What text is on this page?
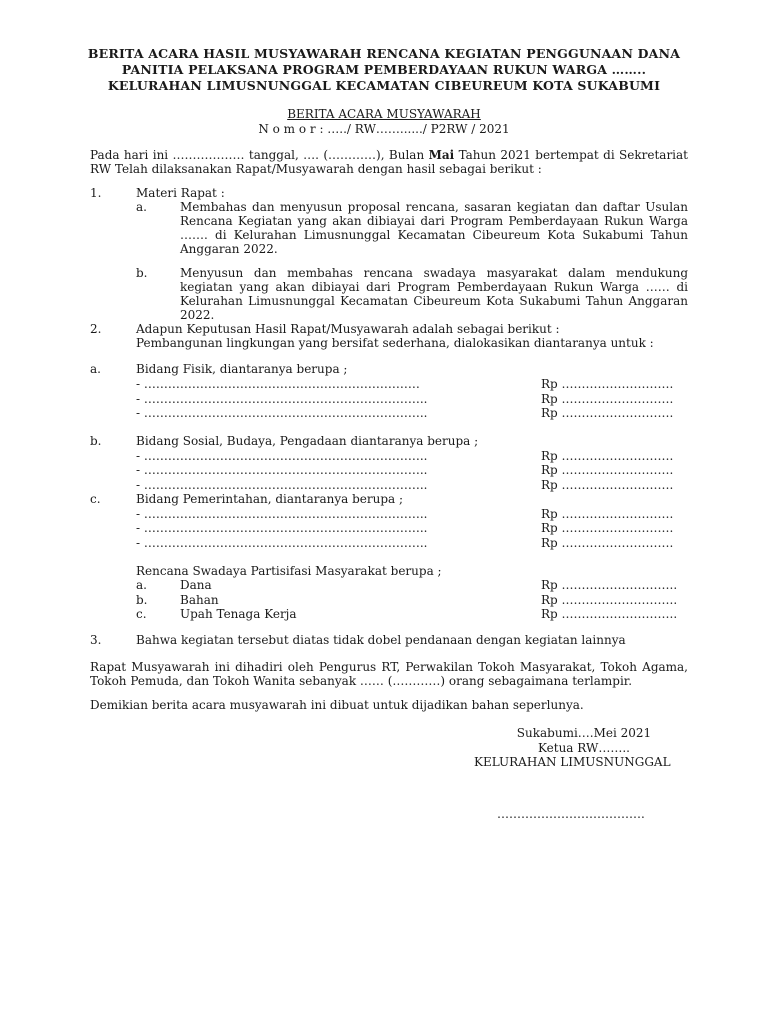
BERITA ACARA HASIL MUSYAWARAH RENCANA KEGIATAN PENGGUNAAN DANA
PANITIA PELAKSANA PROGRAM PEMBERDAYAAN RUKUN WARGA ……..
KELURAHAN LIMUSNUNGGAL KECAMATAN CIBEUREUM KOTA SUKABUMI
BERITA ACARA MUSYAWARAH
N o m o r : …../ RW……....../ P2RW / 2021
Pada hari ini ……………… tanggal, …. (…………), Bulan Mai Tahun 2021 bertempat di Sekretariat RW Telah dilaksanakan Rapat/Musyawarah dengan hasil sebagai berikut :
1.	Materi Rapat :
a.	Membahas dan menyusun proposal rencana, sasaran kegiatan dan daftar Usulan Rencana Kegiatan yang akan dibiayai dari Program Pemberdayaan Rukun Warga ……. di Kelurahan Limusnunggal Kecamatan Cibeureum Kota Sukabumi Tahun Anggaran 2022.
b.	Menyusun dan membahas rencana swadaya masyarakat dalam mendukung kegiatan yang akan dibiayai dari Program Pemberdayaan Rukun Warga …… di Kelurahan Limusnunggal Kecamatan Cibeureum Kota Sukabumi Tahun Anggaran 2022.
2.	Adapun Keputusan Hasil Rapat/Musyawarah adalah sebagai berikut :
Pembangunan lingkungan yang bersifat sederhana, dialokasikan diantaranya untuk :
a.	Bidang Fisik, diantaranya berupa ;
- ……………………………………………………………	Rp ……………………….
- ……………………………………………………………..	Rp ……………………….
- ……………………………………………………………..	Rp ……………………….
b.	Bidang Sosial, Budaya, Pengadaan diantaranya berupa ;
- ……………………………………………………………..	Rp ……………………….
- ……………………………………………………………..	Rp ……………………….
- ……………………………………………………………..	Rp ……………………….
c.	Bidang Pemerintahan, diantaranya berupa ;
- ……………………………………………………………..	Rp ……………………….
- ……………………………………………………………..	Rp ……………………….
- ……………………………………………………………..	Rp ……………………….
Rencana Swadaya Partisifasi Masyarakat berupa ;
a.	Dana	Rp ………………………..
b.	Bahan	Rp ………………………..
c.	Upah Tenaga Kerja	Rp ………………………..
3.	Bahwa kegiatan tersebut diatas tidak dobel pendanaan dengan kegiatan lainnya
Rapat Musyawarah ini dihadiri oleh Pengurus RT, Perwakilan Tokoh Masyarakat, Tokoh Agama, Tokoh Pemuda, dan Tokoh Wanita sebanyak …… (…………) orang sebagaimana terlampir.
Demikian berita acara musyawarah ini dibuat untuk dijadikan bahan seperlunya.
Sukabumi….Mei 2021
Ketua RW……..
KELURAHAN LIMUSNUNGGAL
……………………………….
